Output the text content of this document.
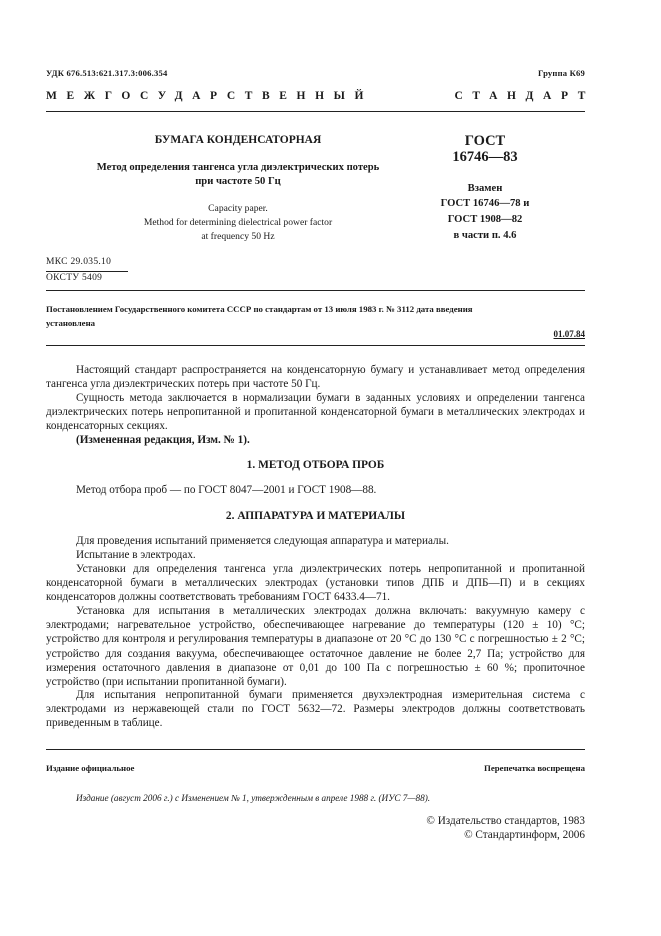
УДК 676.513:621.317.3:006.354	Группа К69
МЕЖГОСУДАРСТВЕННЫЙ	СТАНДАРТ
БУМАГА КОНДЕНСАТОРНАЯ
Метод определения тангенса угла диэлектрических потерь
при частоте 50 Гц
Capacity paper.
Method for determining dielectrical power factor
at frequency 50 Hz
ГОСТ
16746—83
Взамен
ГОСТ 16746—78 и
ГОСТ 1908—82
в части п. 4.6
МКС 29.035.10
ОКСТУ 5409
Постановлением Государственного комитета СССР по стандартам от 13 июля 1983 г. № 3112 дата введения
установлена
01.07.84
Настоящий стандарт распространяется на конденсаторную бумагу и устанавливает метод определения тангенса угла диэлектрических потерь при частоте 50 Гц.
Сущность метода заключается в нормализации бумаги в заданных условиях и определении тангенса диэлектрических потерь непропитанной и пропитанной конденсаторной бумаги в металлических электродах и конденсаторных секциях.
(Измененная редакция, Изм. № 1).
1. МЕТОД ОТБОРА ПРОБ
Метод отбора проб — по ГОСТ 8047—2001 и ГОСТ 1908—88.
2. АППАРАТУРА И МАТЕРИАЛЫ
Для проведения испытаний применяется следующая аппаратура и материалы.
Испытание в электродах.
Установки для определения тангенса угла диэлектрических потерь непропитанной и пропитанной конденсаторной бумаги в металлических электродах (установки типов ДПБ и ДПБ—П) и в секциях конденсаторов должны соответствовать требованиям ГОСТ 6433.4—71.
Установка для испытания в металлических электродах должна включать: вакуумную камеру с электродами; нагревательное устройство, обеспечивающее нагревание до температуры (120 ± 10) °С; устройство для контроля и регулирования температуры в диапазоне от 20 °С до 130 °С с погрешностью ± 2 °С; устройство для создания вакуума, обеспечивающее остаточное давление не более 2,7 Па; устройство для измерения остаточного давления в диапазоне от 0,01 до 100 Па с погрешностью ± 60 %; пропиточное устройство (при испытании пропитанной бумаги).
Для испытания непропитанной бумаги применяется двухэлектродная измерительная система с электродами из нержавеющей стали по ГОСТ 5632—72. Размеры электродов должны соответствовать приведенным в таблице.
Издание официальное	Перепечатка воспрещена
Издание (август 2006 г.) с Изменением № 1, утвержденным в апреле 1988 г. (ИУС 7—88).
© Издательство стандартов, 1983
© Стандартинформ, 2006
